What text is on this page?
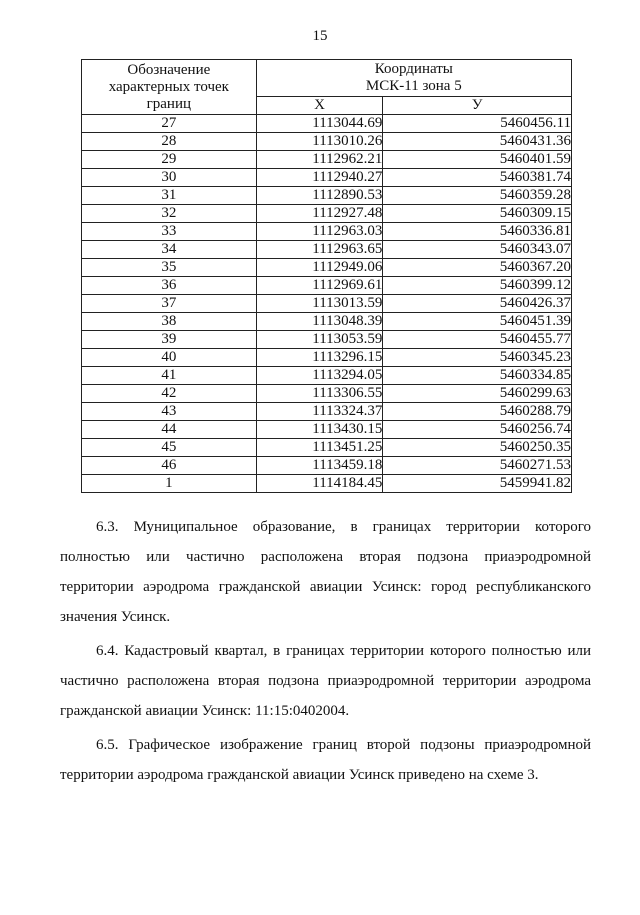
15
Обозначение
характерных точек
границ	Координаты
МСК-11 зона 5	
	X	У
27	1113044.69	5460456.11
28	1113010.26	5460431.36
29	1112962.21	5460401.59
30	1112940.27	5460381.74
31	1112890.53	5460359.28
32	1112927.48	5460309.15
33	1112963.03	5460336.81
34	1112963.65	5460343.07
35	1112949.06	5460367.20
36	1112969.61	5460399.12
37	1113013.59	5460426.37
38	1113048.39	5460451.39
39	1113053.59	5460455.77
40	1113296.15	5460345.23
41	1113294.05	5460334.85
42	1113306.55	5460299.63
43	1113324.37	5460288.79
44	1113430.15	5460256.74
45	1113451.25	5460250.35
46	1113459.18	5460271.53
1	1114184.45	5459941.82

6.3. Муниципальное образование, в границах территории которого полностью или частично расположена вторая подзона приаэродромной территории аэродрома гражданской авиации Усинск: город республиканского значения Усинск.

6.4. Кадастровый квартал, в границах территории которого полностью или частично расположена вторая подзона приаэродромной территории аэродрома гражданской авиации Усинск: 11:15:0402004.

6.5. Графическое изображение границ второй подзоны приаэродромной территории аэродрома гражданской авиации Усинск приведено на схеме 3.
